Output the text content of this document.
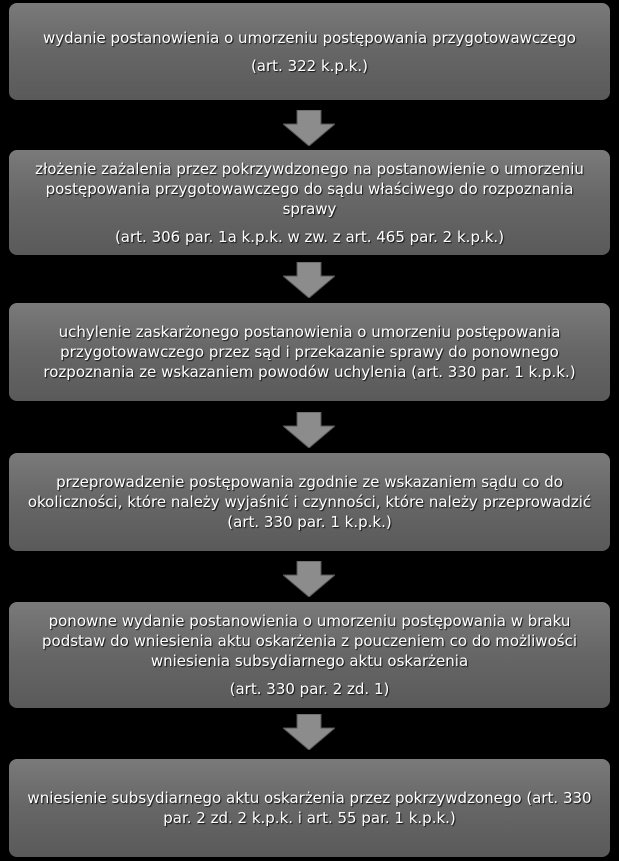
wydanie postanowienia o umorzeniu postępowania przygotowawczego
(art. 322 k.p.k.)
złożenie zażalenia przez pokrzywdzonego na postanowienie o umorzeniu postępowania przygotowawczego do sądu właściwego do rozpoznania sprawy
(art. 306 par. 1a k.p.k. w zw. z art. 465 par. 2 k.p.k.)
uchylenie zaskarżonego postanowienia o umorzeniu postępowania przygotowawczego przez sąd i przekazanie sprawy do ponownego rozpoznania ze wskazaniem powodów uchylenia (art. 330 par. 1 k.p.k.)
przeprowadzenie postępowania zgodnie ze wskazaniem sądu co do okoliczności, które należy wyjaśnić i czynności, które należy przeprowadzić (art. 330 par. 1 k.p.k.)
ponowne wydanie postanowienia o umorzeniu postępowania w braku podstaw do wniesienia aktu oskarżenia z pouczeniem co do możliwości wniesienia subsydiarnego aktu oskarżenia
(art. 330 par. 2 zd. 1)
wniesienie subsydiarnego aktu oskarżenia przez pokrzywdzonego (art. 330 par. 2 zd. 2 k.p.k. i art. 55 par. 1 k.p.k.)
